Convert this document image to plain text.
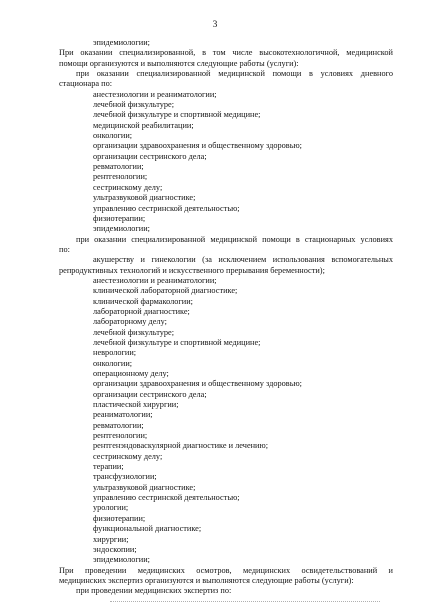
3
эпидемиологии;
При оказании специализированной, в том числе высокотехнологичной, медицинской
помощи организуются и выполняются следующие работы (услуги):
при оказании специализированной медицинской помощи в условиях дневного
стационара по:
анестезиологии и реаниматологии;
лечебной физкультуре;
лечебной физкультуре и спортивной медицине;
медицинской реабилитации;
онкологии;
организации здравоохранения и общественному здоровью;
организации сестринского дела;
ревматологии;
рентгенологии;
сестринскому делу;
ультразвуковой диагностике;
управлению сестринской деятельностью;
физиотерапии;
эпидемиологии;
при оказании специализированной медицинской помощи в стационарных условиях
по:
акушерству и гинекологии (за исключением использования вспомогательных
репродуктивных технологий и искусственного прерывания беременности);
анестезиологии и реаниматологии;
клинической лабораторной диагностике;
клинической фармакологии;
лабораторной диагностике;
лабораторному делу;
лечебной физкультуре;
лечебной физкультуре и спортивной медицине;
неврологии;
онкологии;
операционному делу;
организации здравоохранения и общественному здоровью;
организации сестринского дела;
пластической хирургии;
реаниматологии;
ревматологии;
рентгенологии;
рентгенэндоваскулярной диагностике и лечению;
сестринскому делу;
терапии;
трансфузиологии;
ультразвуковой диагностике;
управлению сестринской деятельностью;
урологии;
физиотерапии;
функциональной диагностике;
хирургии;
эндоскопии;
эпидемиологии;
При проведении медицинских осмотров, медицинских освидетельствований и
медицинских экспертиз организуются и выполняются следующие работы (услуги):
при проведении медицинских экспертиз по:
